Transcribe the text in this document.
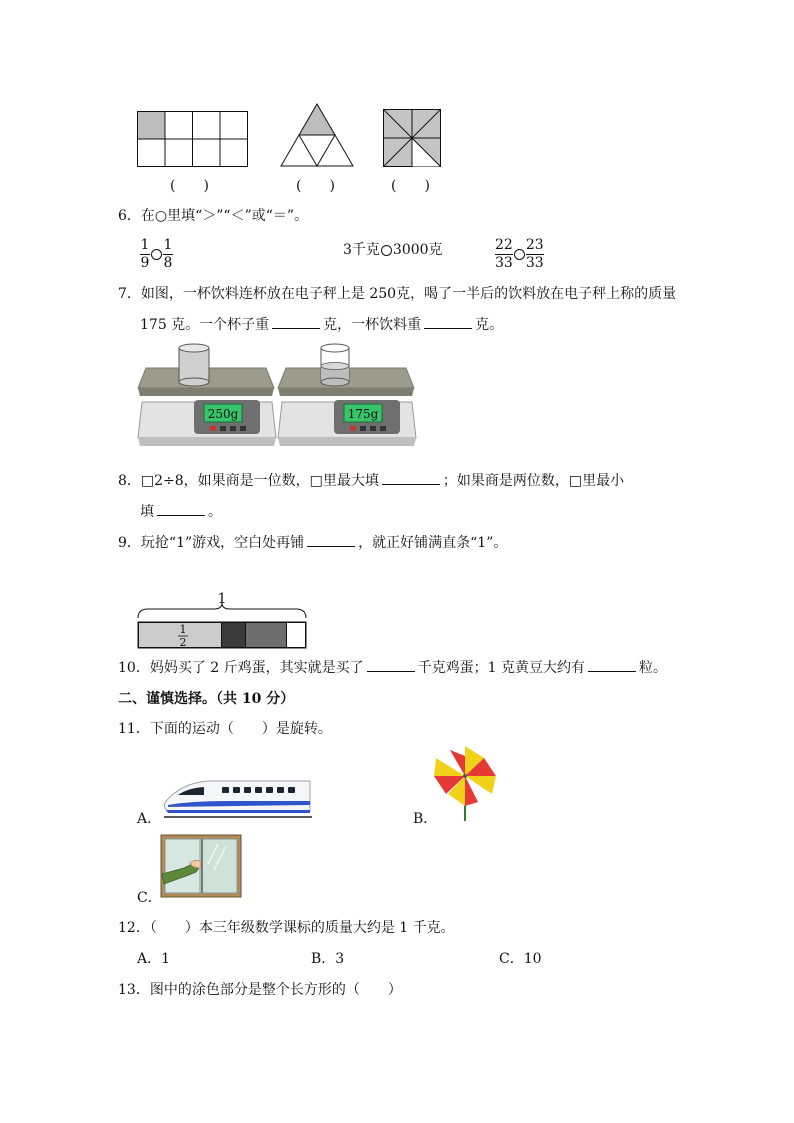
(　　)	(　　)	(　　)
6．在○里填“＞”“＜”或“＝”。
$\frac{1}{9} \frac{1}{8}$	3千克 3000克	$\frac{22}{33} \frac{23}{33}$
7．如图，一杯饮料连杯放在电子秤上是 250克，喝了一半后的饮料放在电子秤上称的质量
175 克。一个杯子重	克，一杯饮料重	克。
250g	175g
8．□2÷8，如果商是一位数，□里最大填	；如果商是两位数，□里最小
填	。
9．玩抢“1”游戏，空白处再铺	，就正好铺满直条“1”。
1
1
2
10．妈妈买了 2 斤鸡蛋，其实就是买了	千克鸡蛋；1 克黄豆大约有	粒。
二、谨慎选择。（共 10 分）
11．下面的运动（　　）是旋转。
A．	B．
C．
12．（　　）本三年级数学课标的质量大约是 1 千克。
A．1	B．3	C．10
13．图中的涂色部分是整个长方形的（　　）
